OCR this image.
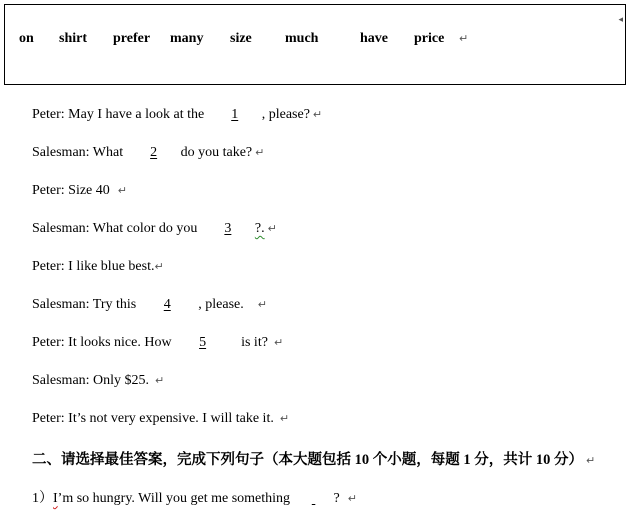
on shirt prefer many size much	have price ↵
◂
Peter: May I have a look at the 1 , please? ↵
Salesman: What 2 do you take? ↵
Peter: Size 40 ↵
Salesman: What color do you 3 ?. ↵
Peter: I like blue best.↵
Salesman: Try this 4 , please. ↵
Peter: It looks nice. How 5 is it? ↵
Salesman: Only $25. ↵
Peter: It’s not very expensive. I will take it. ↵
二、请选择最佳答案，完成下列句子（本大题包括 10 个小题，每题 1 分，共计 10 分） ↵
1）I’m so hungry. Will you get me something	? ↵
